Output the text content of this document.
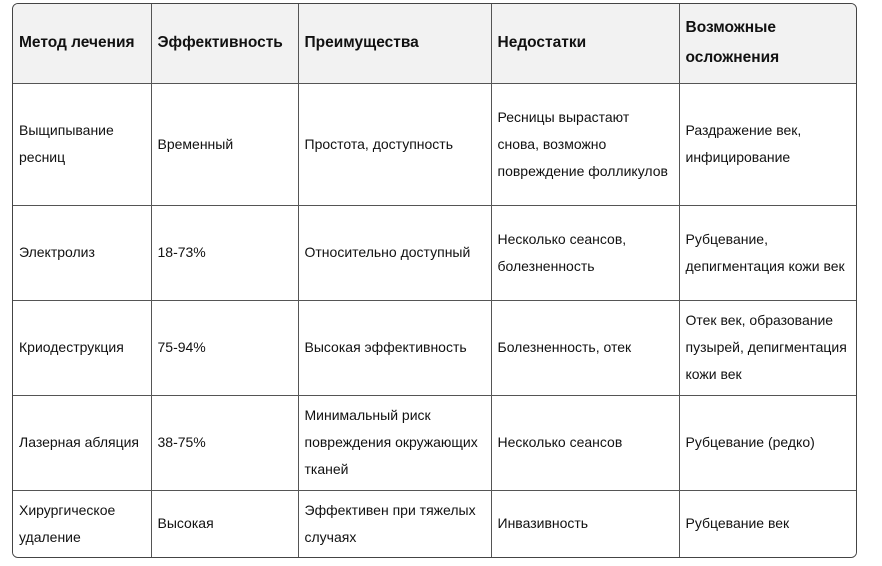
Метод лечения	Эффективность	Преимущества	Недостатки	Возможные осложнения
Выщипывание ресниц	Временный	Простота, доступность	Ресницы вырастают снова, возможно повреждение фолликулов	Раздражение век, инфицирование
Электролиз	18-73%	Относительно доступный	Несколько сеансов, болезненность	Рубцевание, депигментация кожи век
Криодеструкция	75-94%	Высокая эффективность	Болезненность, отек	Отек век, образование пузырей, депигментация кожи век
Лазерная абляция	38-75%	Минимальный риск повреждения окружающих тканей	Несколько сеансов	Рубцевание (редко)
Хирургическое удаление	Высокая	Эффективен при тяжелых случаях	Инвазивность	Рубцевание век
